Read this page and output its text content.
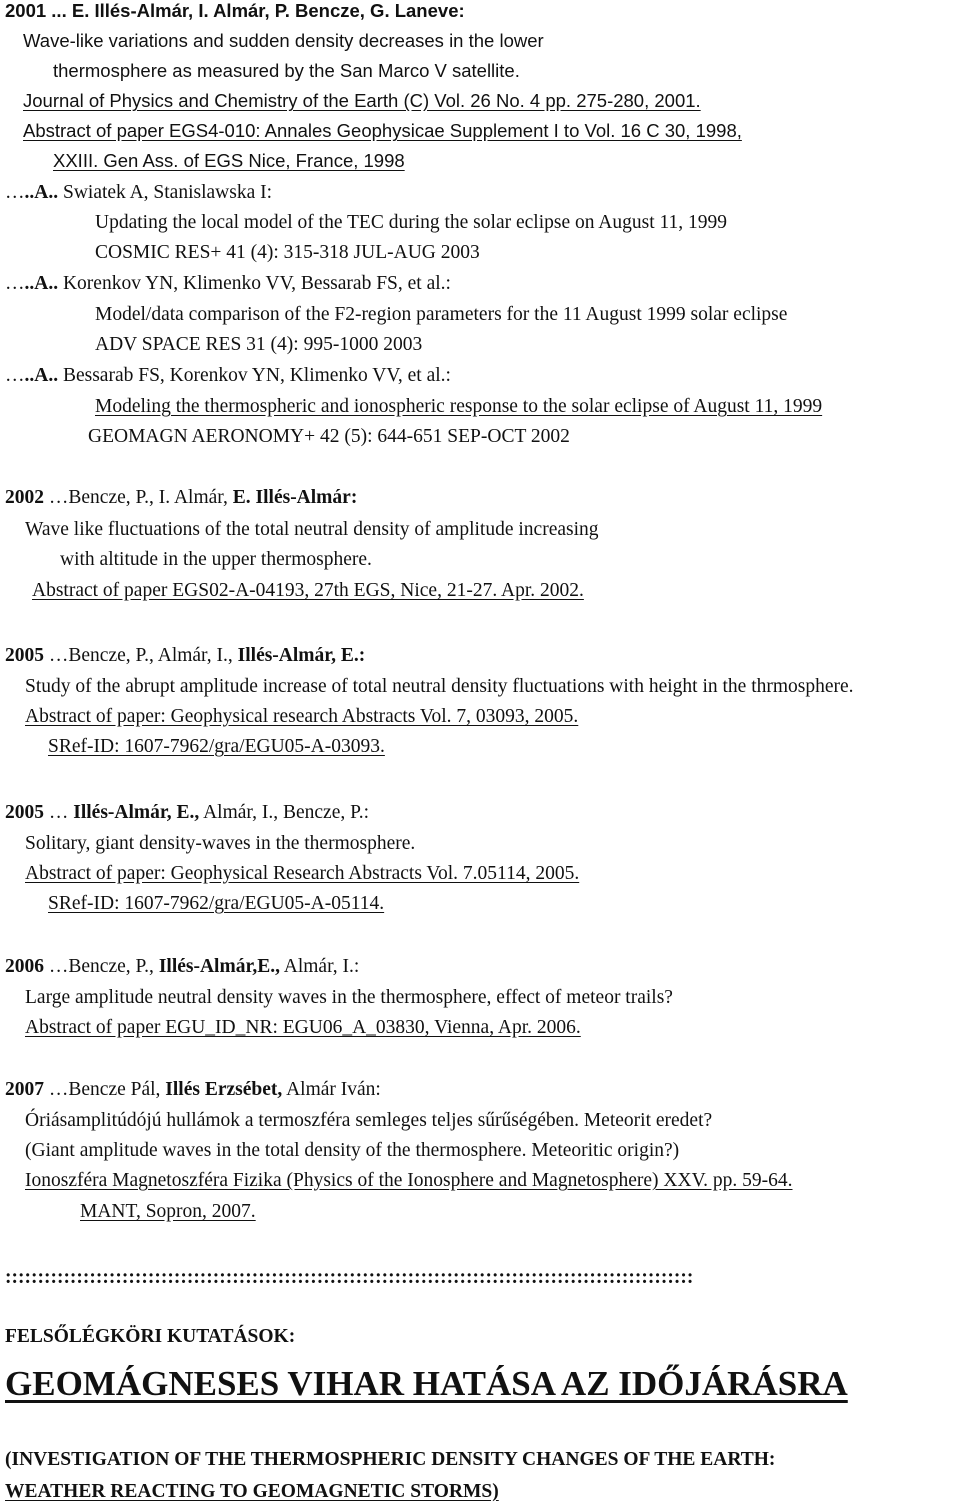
2001 ... E. Illés-Almár, I. Almár, P. Bencze, G. Laneve:
Wave-like variations and sudden density decreases in the lower
thermosphere as measured by the San Marco V satellite.
Journal of Physics and Chemistry of the Earth (C) Vol. 26 No. 4 pp. 275-280, 2001.
Abstract of paper EGS4-010: Annales Geophysicae Supplement I to Vol. 16 C 30, 1998,
XXIII. Gen Ass. of EGS Nice, France, 1998
…..A.. Swiatek A, Stanislawska I:
Updating the local model of the TEC during the solar eclipse on August 11, 1999
COSMIC RES+ 41 (4): 315-318 JUL-AUG 2003
…..A.. Korenkov YN, Klimenko VV, Bessarab FS, et al.:
Model/data comparison of the F2-region parameters for the 11 August 1999 solar eclipse
ADV SPACE RES 31 (4): 995-1000 2003
…..A.. Bessarab FS, Korenkov YN, Klimenko VV, et al.:
Modeling the thermospheric and ionospheric response to the solar eclipse of August 11, 1999
GEOMAGN AERONOMY+ 42 (5): 644-651 SEP-OCT 2002
2002 …Bencze, P., I. Almár, E. Illés-Almár:
Wave like fluctuations of the total neutral density of amplitude increasing
with altitude in the upper thermosphere.
Abstract of paper EGS02-A-04193, 27th EGS, Nice, 21-27. Apr. 2002.
2005 …Bencze, P., Almár, I., Illés-Almár, E.:
Study of the abrupt amplitude increase of total neutral density fluctuations with height in the thrmosphere.
Abstract of paper: Geophysical research Abstracts Vol. 7, 03093, 2005.
SRef-ID: 1607-7962/gra/EGU05-A-03093.
2005 … Illés-Almár, E., Almár, I., Bencze, P.:
Solitary, giant density-waves in the thermosphere.
Abstract of paper: Geophysical Research Abstracts Vol. 7.05114, 2005.
SRef-ID: 1607-7962/gra/EGU05-A-05114.
2006 …Bencze, P., Illés-Almár,E., Almár, I.:
Large amplitude neutral density waves in the thermosphere, effect of meteor trails?
Abstract of paper EGU_ID_NR: EGU06_A_03830, Vienna, Apr. 2006.
2007 …Bencze Pál, Illés Erzsébet, Almár Iván:
Óriásamplitúdójú hullámok a termoszféra semleges teljes sűrűségében. Meteorit eredet?
(Giant amplitude waves in the total density of the thermosphere. Meteoritic origin?)
Ionoszféra Magnetoszféra Fizika (Physics of the Ionosphere and Magnetosphere) XXV. pp. 59-64.
MANT, Sopron, 2007.
::::::::::::::::::::::::::::::::::::::::::::::::::::::::::::::::::::::::::::::::::::::::::::::::::::::::::
FELSŐLÉGKÖRI KUTATÁSOK:
GEOMÁGNESES VIHAR HATÁSA AZ IDŐJÁRÁSRA
(INVESTIGATION OF THE THERMOSPHERIC DENSITY CHANGES OF THE EARTH:
WEATHER REACTING TO GEOMAGNETIC STORMS)
